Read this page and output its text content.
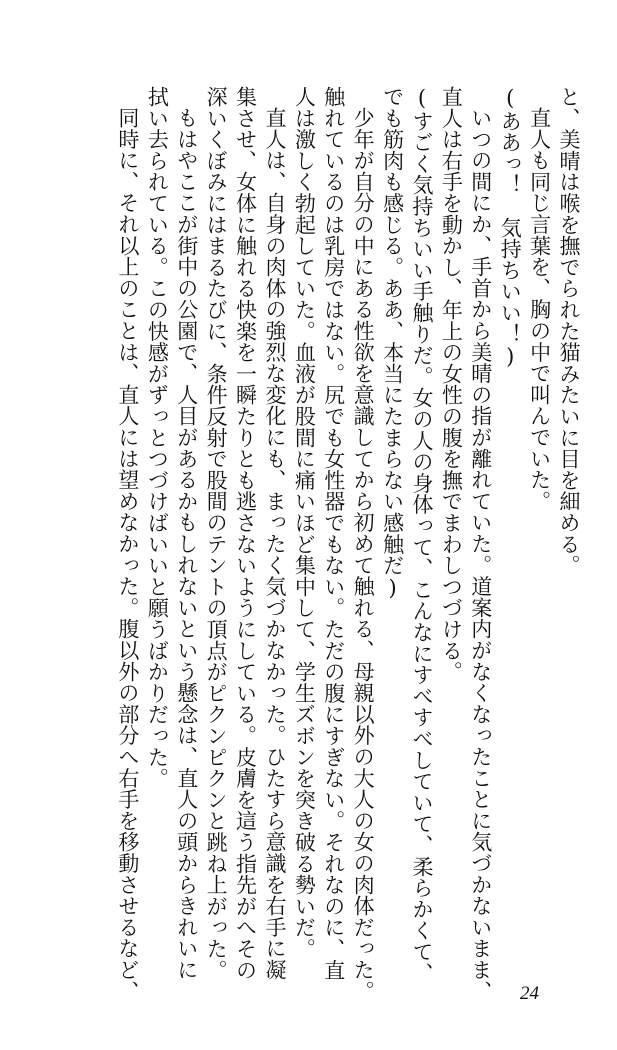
と、美晴は喉を撫でられた猫みたいに目を細める。
直人も同じ言葉を、胸の中で叫んでいた。
(ああっ！　気持ちいい！)
いつの間にか、手首から美晴の指が離れていた。道案内がなくなったことに気づかないまま、
直人は右手を動かし、年上の女性の腹を撫でまわしつづける。
(すごく気持ちいい手触りだ。女の人の身体って、こんなにすべすべしていて、柔らかくて、
でも筋肉も感じる。ああ、本当にたまらない感触だ)
少年が自分の中にある性欲を意識してから初めて触れる、母親以外の大人の女の肉体だった。
触れているのは乳房ではない。尻でも女性器でもない。ただの腹にすぎない。それなのに、直
人は激しく勃起していた。血液が股間に痛いほど集中して、学生ズボンを突き破る勢いだ。
直人は、自身の肉体の強烈な変化にも、まったく気づかなかった。ひたすら意識を右手に凝
集させ、女体に触れる快楽を一瞬たりとも逃さないようにしている。皮膚を這う指先がへその
深いくぼみにはまるたびに、条件反射で股間のテントの頂点がピクンピクンと跳ね上がった。
もはやここが街中の公園で、人目があるかもしれないという懸念は、直人の頭からきれいに
拭い去られている。この快感がずっとつづけばいいと願うばかりだった。
同時に、それ以上のことは、直人には望めなかった。腹以外の部分へ右手を移動させるなど、	24
